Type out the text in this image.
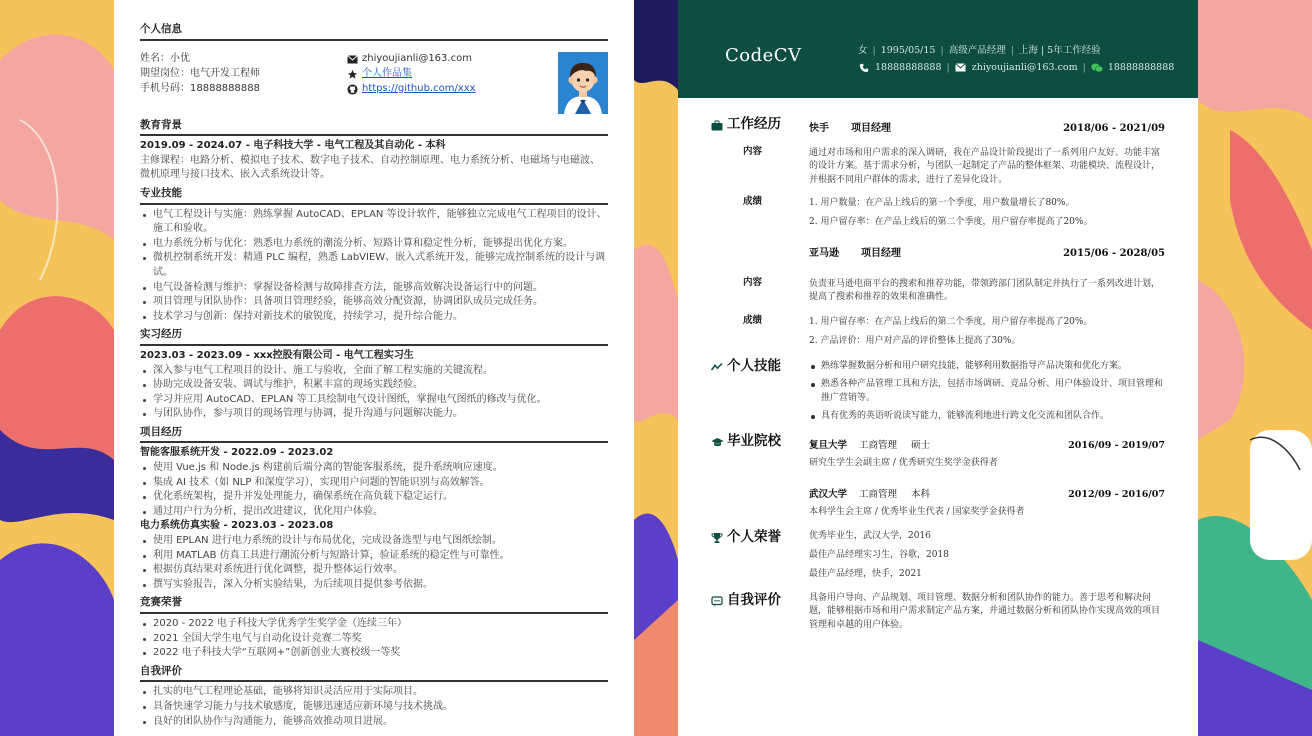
个人信息
姓名：小优
期望岗位：电气开发工程师
手机号码：18888888888
zhiyoujianli@163.com
个人作品集
https://github.com/xxx
教育背景
2019.09 - 2024.07 - 电子科技大学 - 电气工程及其自动化 - 本科
主修课程：电路分析、模拟电子技术、数字电子技术、自动控制原理、电力系统分析、电磁场与电磁波、微机原理与接口技术、嵌入式系统设计等。
专业技能
电气工程设计与实施：熟练掌握 AutoCAD、EPLAN 等设计软件，能够独立完成电气工程项目的设计、施工和验收。
电力系统分析与优化：熟悉电力系统的潮流分析、短路计算和稳定性分析，能够提出优化方案。
微机控制系统开发：精通 PLC 编程，熟悉 LabVIEW、嵌入式系统开发，能够完成控制系统的设计与调试。
电气设备检测与维护：掌握设备检测与故障排查方法，能够高效解决设备运行中的问题。
项目管理与团队协作：具备项目管理经验，能够高效分配资源，协调团队成员完成任务。
技术学习与创新：保持对新技术的敏锐度，持续学习，提升综合能力。
实习经历
2023.03 - 2023.09 - xxx控股有限公司 - 电气工程实习生
深入参与电气工程项目的设计、施工与验收，全面了解工程实施的关键流程。
协助完成设备安装、调试与维护，积累丰富的现场实践经验。
学习并应用 AutoCAD、EPLAN 等工具绘制电气设计图纸，掌握电气图纸的修改与优化。
与团队协作，参与项目的现场管理与协调，提升沟通与问题解决能力。
项目经历
智能客服系统开发 - 2022.09 - 2023.02
使用 Vue.js 和 Node.js 构建前后端分离的智能客服系统，提升系统响应速度。
集成 AI 技术（如 NLP 和深度学习），实现用户问题的智能识别与高效解答。
优化系统架构，提升并发处理能力，确保系统在高负载下稳定运行。
通过用户行为分析，提出改进建议，优化用户体验。
电力系统仿真实验 - 2023.03 - 2023.08
使用 EPLAN 进行电力系统的设计与布局优化，完成设备选型与电气图纸绘制。
利用 MATLAB 仿真工具进行潮流分析与短路计算，验证系统的稳定性与可靠性。
根据仿真结果对系统进行优化调整，提升整体运行效率。
撰写实验报告，深入分析实验结果，为后续项目提供参考依据。
竞赛荣誉
2020 - 2022 电子科技大学优秀学生奖学金（连续三年）
2021 全国大学生电气与自动化设计竞赛二等奖
2022 电子科技大学“互联网+”创新创业大赛校级一等奖
自我评价
扎实的电气工程理论基础，能够将知识灵活应用于实际项目。
具备快速学习能力与技术敏感度，能够迅速适应新环境与技术挑战。
良好的团队协作与沟通能力，能够高效推动项目进展。
CodeCV	女 | 1995/05/15 | 高级产品经理 | 上海 | 5年工作经验
18888888888 | zhiyoujianli@163.com | 18888888888
工作经历	快手 项目经理	2018/06 - 2021/09
内容	通过对市场和用户需求的深入调研，我在产品设计阶段提出了一系列用户友好、功能丰富的设计方案。基于需求分析，与团队一起制定了产品的整体框架、功能模块、流程设计，并根据不同用户群体的需求，进行了差异化设计。
成绩	1. 用户数量：在产品上线后的第一个季度，用户数量增长了80%。
2. 用户留存率：在产品上线后的第二个季度，用户留存率提高了20%。
亚马逊 项目经理	2015/06 - 2028/05
内容	负责亚马逊电商平台的搜索和推荐功能，带领跨部门团队制定并执行了一系列改进计划，提高了搜索和推荐的效果和准确性。
成绩	1. 用户留存率：在产品上线后的第二个季度，用户留存率提高了20%。
2. 产品评价：用户对产品的评价整体上提高了30%。
个人技能	熟练掌握数据分析和用户研究技能，能够利用数据指导产品决策和优化方案。
熟悉各种产品管理工具和方法，包括市场调研、竞品分析、用户体验设计、项目管理和推广营销等。
具有优秀的英语听说读写能力，能够流利地进行跨文化交流和团队合作。
毕业院校	复旦大学 工商管理 硕士	2016/09 - 2019/07
研究生学生会副主席 / 优秀研究生奖学金获得者
武汉大学 工商管理 本科	2012/09 - 2016/07
本科学生会主席 / 优秀毕业生代表 / 国家奖学金获得者
个人荣誉	优秀毕业生，武汉大学，2016
最佳产品经理实习生，谷歌，2018
最佳产品经理，快手，2021
自我评价	具备用户导向、产品规划、项目管理、数据分析和团队协作的能力。善于思考和解决问题，能够根据市场和用户需求制定产品方案，并通过数据分析和团队协作实现高效的项目管理和卓越的用户体验。
